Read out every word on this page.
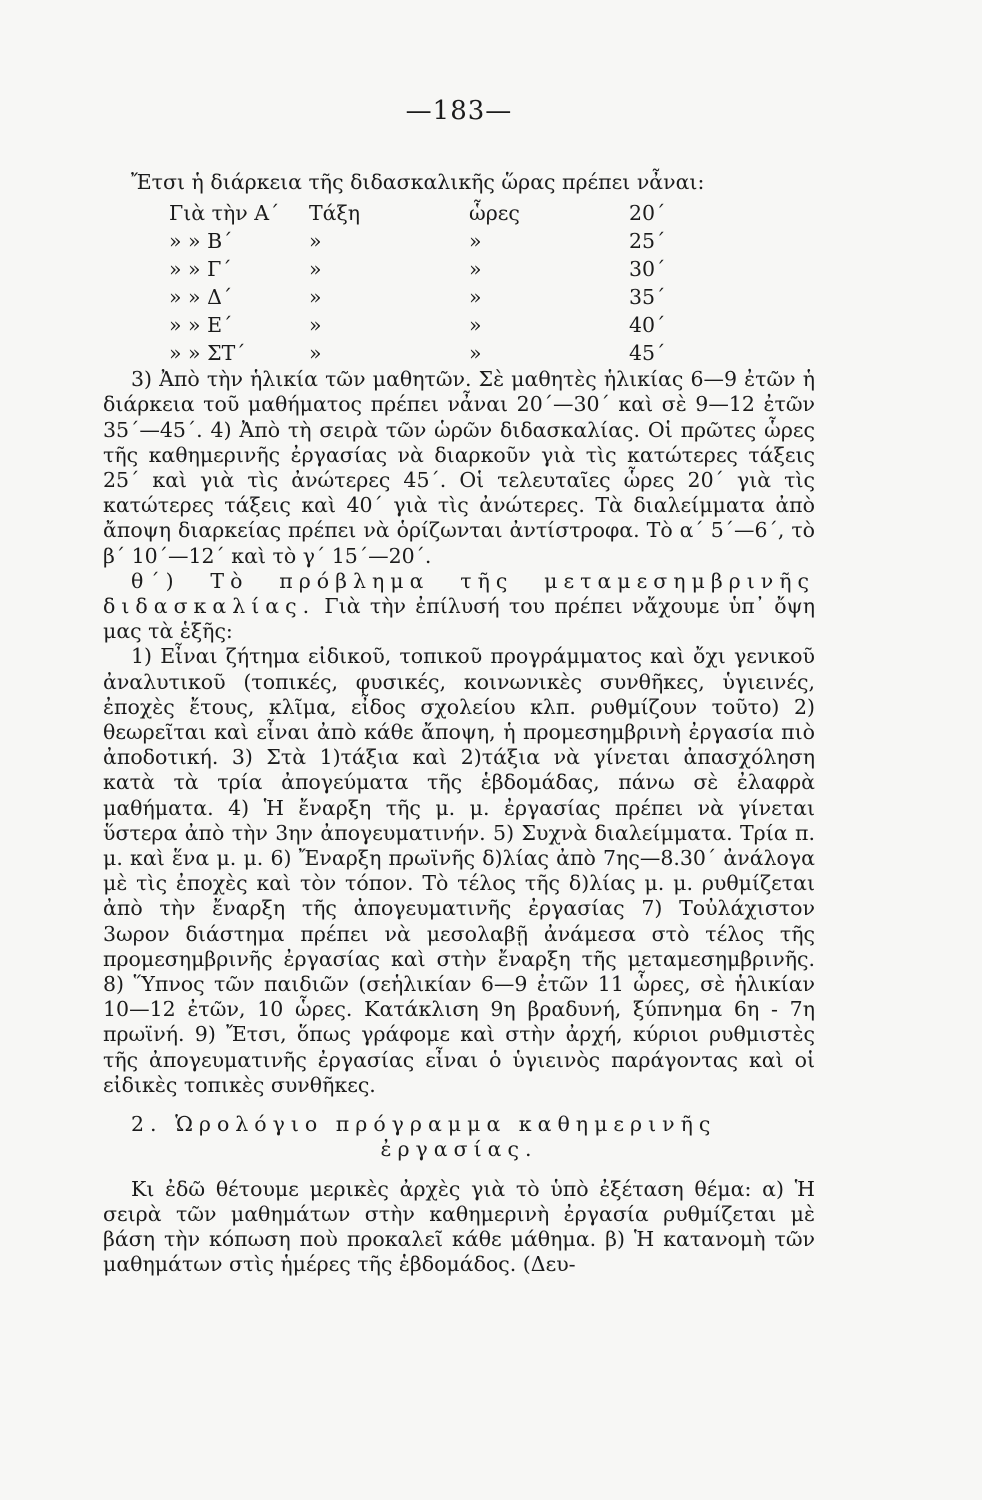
—183—

Ἔτσι ἡ διάρκεια τῆς διδασκαλικῆς ὥρας πρέπει νἆναι:

Γιὰ τὴν Α΄	Τάξη	ὧρες	20΄
» » Β΄	»	»	25΄
» » Γ΄	»	»	30΄
» » Δ΄	»	»	35΄
» » Ε΄	»	»	40΄
» » ΣΤ΄	»	»	45΄

3) Ἀπὸ τὴν ἡλικία τῶν μαθητῶν. Σὲ μαθητὲς ἡλικίας 6—9 ἐτῶν ἡ διάρκεια τοῦ μαθήματος πρέπει νἆναι 20΄—30΄ καὶ σὲ 9—12 ἐτῶν 35΄—45΄. 4) Ἀπὸ τὴ σειρὰ τῶν ὡρῶν διδασκαλίας. Οἱ πρῶτες ὧρες τῆς καθημερινῆς ἐργασίας νὰ διαρκοῦν γιὰ τὶς κατώτερες τάξεις 25΄ καὶ γιὰ τὶς ἀνώτερες 45΄. Οἱ τελευταῖες ὧρες 20΄ γιὰ τὶς κατώτερες τάξεις καὶ 40΄ γιὰ τὶς ἀνώτερες. Τὰ διαλείμματα ἀπὸ ἄποψη διαρκείας πρέπει νὰ ὁρίζωνται ἀντίστροφα. Τὸ α΄ 5΄—6΄, τὸ β΄ 10΄—12΄ καὶ τὸ γ΄ 15΄—20΄.

θ΄) Τὸ πρόβλημα τῆς μεταμεσημβρινῆς διδασκαλίας. Γιὰ τὴν ἐπίλυσή του πρέπει νἄχουμε ὑπ᾿ ὄψη μας τὰ ἑξῆς:

1) Εἶναι ζήτημα εἰδικοῦ, τοπικοῦ προγράμματος καὶ ὄχι γενικοῦ ἀναλυτικοῦ (τοπικές, φυσικές, κοινωνικὲς συνθῆκες, ὑγιεινές, ἐποχὲς ἔτους, κλῖμα, εἶδος σχολείου κλπ. ρυθμίζουν τοῦτο) 2) θεωρεῖται καὶ εἶναι ἀπὸ κάθε ἄποψη, ἡ προμεσημβρινὴ ἐργασία πιὸ ἀποδοτική. 3) Στὰ 1)τάξια καὶ 2)τάξια νὰ γίνεται ἀπασχόληση κατὰ τὰ τρία ἀπογεύματα τῆς ἑβδομάδας, πάνω σὲ ἐλαφρὰ μαθήματα. 4) Ἡ ἔναρξη τῆς μ. μ. ἐργασίας πρέπει νὰ γίνεται ὕστερα ἀπὸ τὴν 3ην ἀπογευματινήν. 5) Συχνὰ διαλείμματα. Τρία π. μ. καὶ ἕνα μ. μ. 6) Ἔναρξη πρωϊνῆς δ)λίας ἀπὸ 7ης—8.30΄ ἀνάλογα μὲ τὶς ἐποχὲς καὶ τὸν τόπον. Τὸ τέλος τῆς δ)λίας μ. μ. ρυθμίζεται ἀπὸ τὴν ἔναρξη τῆς ἀπογευματινῆς ἐργασίας 7) Τοὐλάχιστον 3ωρον διάστημα πρέπει νὰ μεσολαβῇ ἀνάμεσα στὸ τέλος τῆς προμεσημβρινῆς ἐργασίας καὶ στὴν ἔναρξη τῆς μεταμεσημβρινῆς. 8) Ὕπνος τῶν παιδιῶν (σεἡλικίαν 6—9 ἐτῶν 11 ὧρες, σὲ ἡλικίαν 10—12 ἐτῶν, 10 ὧρες. Κατάκλιση 9η βραδυνή, ξύπνημα 6η - 7η πρωϊνή. 9) Ἔτσι, ὅπως γράφομε καὶ στὴν ἀρχή, κύριοι ρυθμιστὲς τῆς ἀπογευματινῆς ἐργασίας εἶναι ὁ ὑγιεινὸς παράγοντας καὶ οἱ εἰδικὲς τοπικὲς συνθῆκες.

2. Ὡρολόγιο πρόγραμμα καθημερινῆς

ἐργασίας.

Κι ἐδῶ θέτουμε μερικὲς ἀρχὲς γιὰ τὸ ὑπὸ ἐξέταση θέμα: α) Ἡ σειρὰ τῶν μαθημάτων στὴν καθημερινὴ ἐργασία ρυθμίζεται μὲ βάση τὴν κόπωση ποὺ προκαλεῖ κάθε μάθημα. β) Ἡ κατανομὴ τῶν μαθημάτων στὶς ἡμέρες τῆς ἑβδομάδος. (Δευ-
